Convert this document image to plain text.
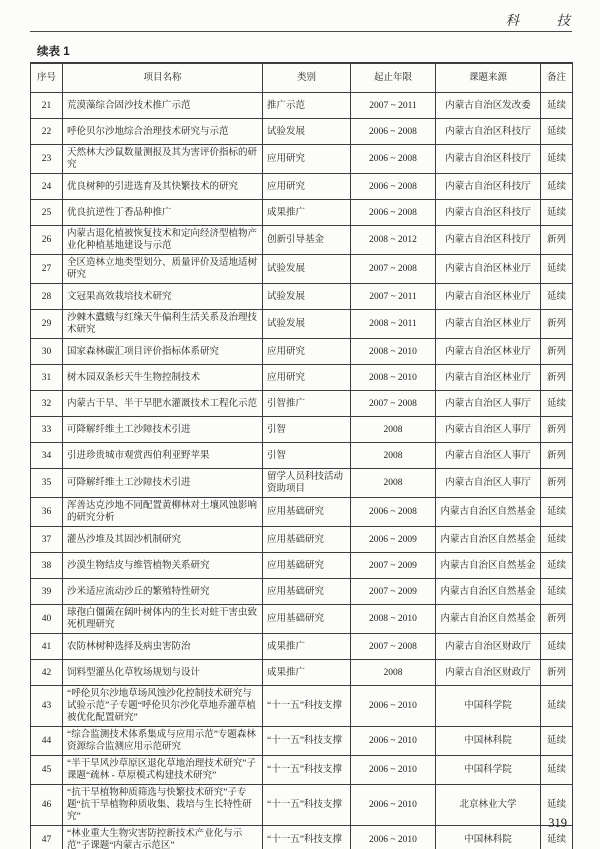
科　技
续表 1
序号	项目名称	类别	起止年限	课题来源	备注
21	荒漠藻综合固沙技术推广示范	推广示范	2007 ~ 2011	内蒙古自治区发改委	延续
22	呼伦贝尔沙地综合治理技术研究与示范	试验发展	2006 ~ 2008	内蒙古自治区科技厅	延续
23	天然林大沙鼠数量测报及其为害评价指标的研究	应用研究	2006 ~ 2008	内蒙古自治区科技厅	延续
24	优良树种的引进选育及其快繁技术的研究	应用研究	2006 ~ 2008	内蒙古自治区科技厅	延续
25	优良抗逆性丁香品种推广	成果推广	2006 ~ 2008	内蒙古自治区科技厅	延续
26	内蒙古退化植被恢复技术和定向经济型植物产业化种植基地建设与示范	创新引导基金	2008 ~ 2012	内蒙古自治区科技厅	新列
27	全区造林立地类型划分、质量评价及适地适树研究	试验发展	2007 ~ 2008	内蒙古自治区林业厅	延续
28	文冠果高效栽培技术研究	试验发展	2007 ~ 2011	内蒙古自治区林业厅	延续
29	沙棘木蠹蛾与红缘天牛偏利生活关系及治理技术研究	试验发展	2008 ~ 2011	内蒙古自治区林业厅	新列
30	国家森林碳汇项目评价指标体系研究	应用研究	2008 ~ 2010	内蒙古自治区林业厅	新列
31	树木园双条杉天牛生物控制技术	应用研究	2008 ~ 2010	内蒙古自治区林业厅	新列
32	内蒙古干旱、半干旱肥水灌溉技术工程化示范	引智推广	2007 ~ 2008	内蒙古自治区人事厅	延续
33	可降解纤维土工沙障技术引进	引智	2008	内蒙古自治区人事厅	新列
34	引进珍贵城市观赏西伯利亚野苹果	引智	2008	内蒙古自治区人事厅	新列
35	可降解纤维土工沙障技术引进	留学人员科技活动资助项目	2008	内蒙古自治区人事厅	新列
36	浑善达克沙地不同配置黄柳林对土壤风蚀影响的研究分析	应用基础研究	2006 ~ 2008	内蒙古自治区自然基金	延续
37	灌丛沙堆及其固沙机制研究	应用基础研究	2006 ~ 2009	内蒙古自治区自然基金	延续
38	沙漠生物结皮与维管植物关系研究	应用基础研究	2007 ~ 2009	内蒙古自治区自然基金	延续
39	沙米适应流动沙丘的繁殖特性研究	应用基础研究	2007 ~ 2009	内蒙古自治区自然基金	延续
40	球孢白僵菌在阔叶树体内的生长对蛀干害虫致死机理研究	应用基础研究	2008 ~ 2010	内蒙古自治区自然基金	新列
41	农防林树种选择及病虫害防治	成果推广	2007 ~ 2008	内蒙古自治区财政厅	延续
42	饲料型灌丛化草牧场规划与设计	成果推广	2008	内蒙古自治区财政厅	新列
43	“呼伦贝尔沙地草场风蚀沙化控制技术研究与试验示范”子专题“呼伦贝尔沙化草地乔灌草植被优化配置研究”	“十一五”科技支撑	2006 ~ 2010	中国科学院	延续
44	“综合监测技术体系集成与应用示范”专题森林资源综合监测应用示范研究	“十一五”科技支撑	2006 ~ 2010	中国林科院	延续
45	“半干旱风沙草原区退化草地治理技术研究”子课题“疏林 - 草原模式构建技术研究”	“十一五”科技支撑	2006 ~ 2010	中国科学院	延续
46	“抗干旱植物种质筛选与快繁技术研究”子专题“抗干旱植物种质收集、栽培与生长特性研究”	“十一五”科技支撑	2006 ~ 2010	北京林业大学	延续
47	“林业重大生物灾害防控新技术产业化与示范”子课题“内蒙古示范区”	“十一五”科技支撑	2006 ~ 2010	中国林科院	延续
319
